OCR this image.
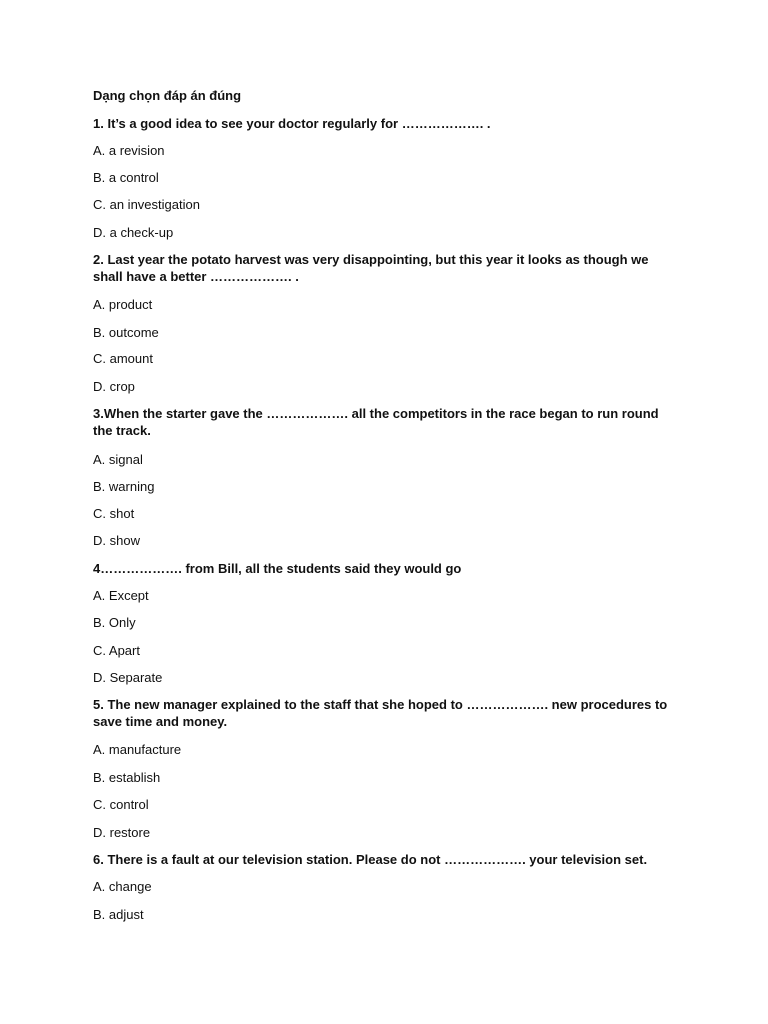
Dạng chọn đáp án đúng
1. It’s a good idea to see your doctor regularly for ………………. .
A. a revision
B. a control
C. an investigation
D. a check-up
2. Last year the potato harvest was very disappointing, but this year it looks as though we shall have a better ………………. .
A. product
B. outcome
C. amount
D. crop
3.When the starter gave the ………………. all the competitors in the race began to run round the track.
A. signal
B. warning
C. shot
D. show
4………………. from Bill, all the students said they would go
A. Except
B. Only
C. Apart
D. Separate
5. The new manager explained to the staff that she hoped to ………………. new procedures to save time and money.
A. manufacture
B. establish
C. control
D. restore
6. There is a fault at our television station. Please do not ………………. your television set.
A. change
B. adjust
